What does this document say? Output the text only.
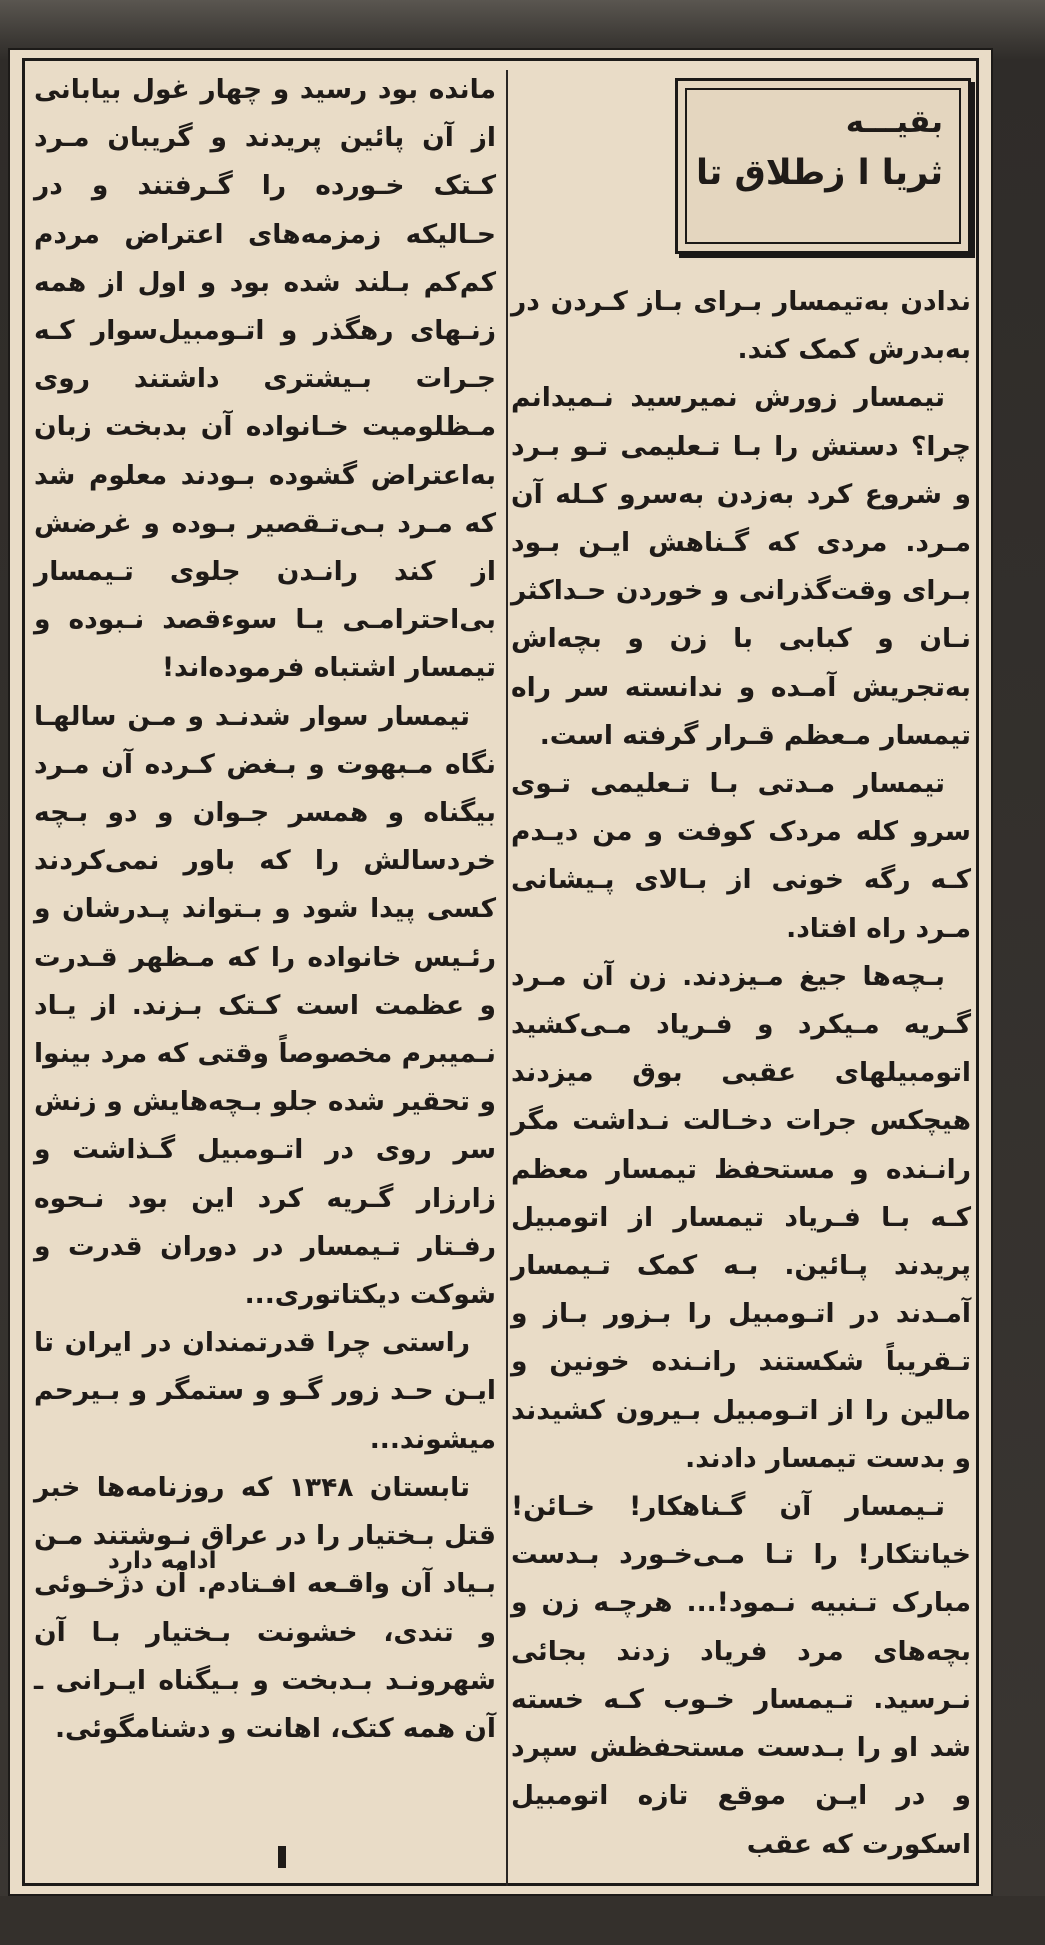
بقیـــه
ثریا ا زطلاق تا

ندادن به‌تیمسار بـرای بـاز کـردن در به‌بدرش کمک کند.

تیمسار زورش نمیرسید نـمیدانم چرا؟ دستش را بـا تـعلیمی تـو بـرد و شروع کرد به‌زدن به‌سرو کـله آن مـرد. مردی که گـناهش ایـن بـود بـرای وقت‌گذرانی و خوردن حـداکثر نـان و کبابی با زن و بچه‌اش به‌تجریش آمـده و ندانسته سر راه تیمسار مـعظم قـرار گرفته است.

تیمسار مـدتی بـا تـعلیمی تـوی سرو کله مردک کوفت و من دیـدم کـه رگه خونی از بـالای پـیشانی مـرد راه افتاد.

بـچه‌ها جیغ مـیزدند. زن آن مـرد گـریه مـیکرد و فـریاد مـی‌کشید اتومبیلهای عقبی بوق میزدند هیچکس جرات دخـالت نـداشت مگر رانـنده و مستحفظ تیمسار معظم کـه بـا فـریاد تیمسار از اتومبیل پریدند پـائین. بـه کمک تـیمسار آمـدند در اتـومبیل را بـزور بـاز و تـقریباً شکستند رانـنده خونین و مالین را از اتـومبیل بـیرون کشیدند و بدست تیمسار دادند.

تـیمسار آن گـناهکار! خـائن! خیانتکار! را تـا مـی‌خـورد بـدست مبارک تـنبیه نـمود!... هرچـه زن و بچه‌های مرد فریاد زدند بجائی نـرسید. تـیمسار خـوب کـه خسته شد او را بـدست مستحفظش سپرد و در ایـن موقع تازه اتومبیل اسکورت که عقب

مانده بود رسید و چهار غول بیابانی از آن پائین پریدند و گریبان مـرد کـتک خـورده را گـرفتند و در حـالیکه زمزمه‌های اعتراض مردم کم‌کم بـلند شده بود و اول از همه زنـهای رهگذر و اتـومبیل‌سوار کـه جـرات بـیشتری داشتند روی مـظلومیت خـانواده آن بدبخت زبان به‌اعتراض گشوده بـودند معلوم شد که مـرد بـی‌تـقصیر بـوده و غرضش از کند رانـدن جلوی تـیمسار بی‌احترامـی یـا سوءقصد نـبوده و تیمسار اشتباه فرموده‌اند!

تیمسار سوار شدنـد و مـن سالهـا نگاه مـبهوت و بـغض کـرده آن مـرد بیگناه و همسر جـوان و دو بـچه خردسالش را که باور نمی‌کردند کسی پیدا شود و بـتواند پـدرشان و رئـیس خانواده را که مـظهر قـدرت و عظمت است کـتک بـزند. از یـاد نـمیبرم مخصوصاً وقتی که مرد بینوا و تحقیر شده جلو بـچه‌هایش و زنش سر روی در اتـومبیل گـذاشت و زارزار گـریه کرد این بود نـحوه رفـتار تـیمسار در دوران قدرت و شوکت دیکتاتوری...

راستی چرا قدرتمندان در ایران تا ایـن حـد زور گـو و ستمگر و بـیرحم میشوند...

تابستان ۱۳۴۸ که روزنامه‌ها خبر قتل بـختیار را در عراق نـوشتند مـن بـیاد آن واقـعه افـتادم. آن دژخـوئی و تندی، خشونت بـختیار بـا آن شهرونـد بـدبخت و بـیگناه ایـرانی ـ آن همه کتک، اهانت و دشنامگوئی.

ادامه دارد
